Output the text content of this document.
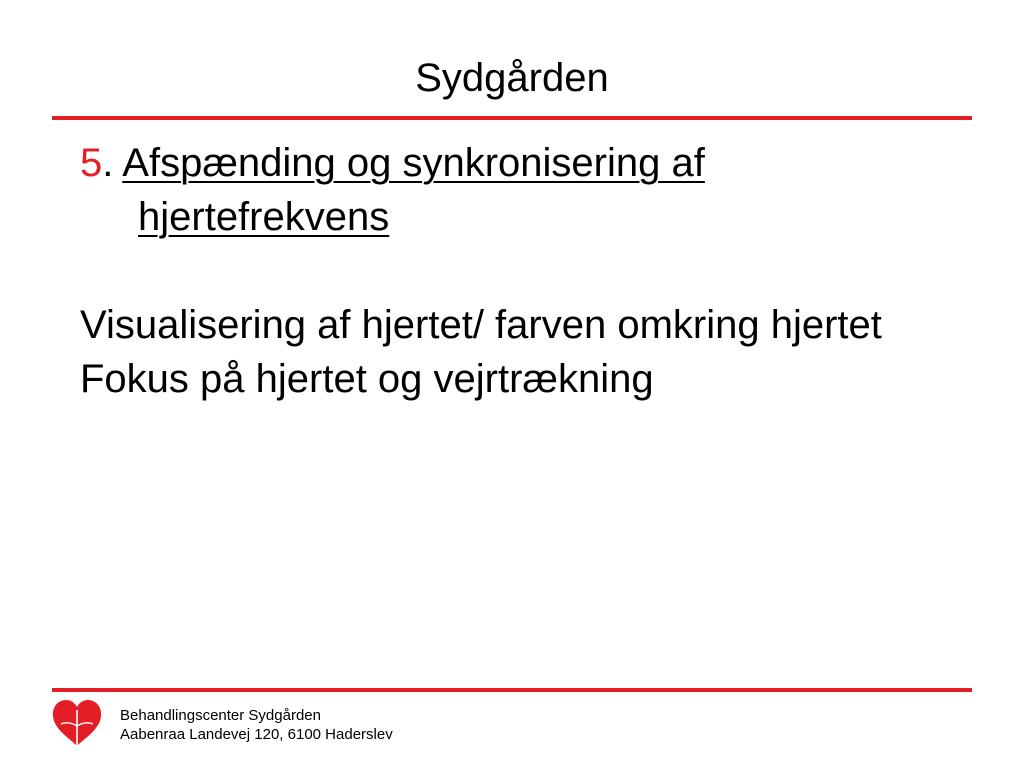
Sydgården

5. Afspænding og synkronisering af hjertefrekvens

Visualisering af hjertet/ farven omkring hjertet

Fokus på hjertet og vejrtrækning

Behandlingscenter Sydgården
Aabenraa Landevej 120, 6100 Haderslev
